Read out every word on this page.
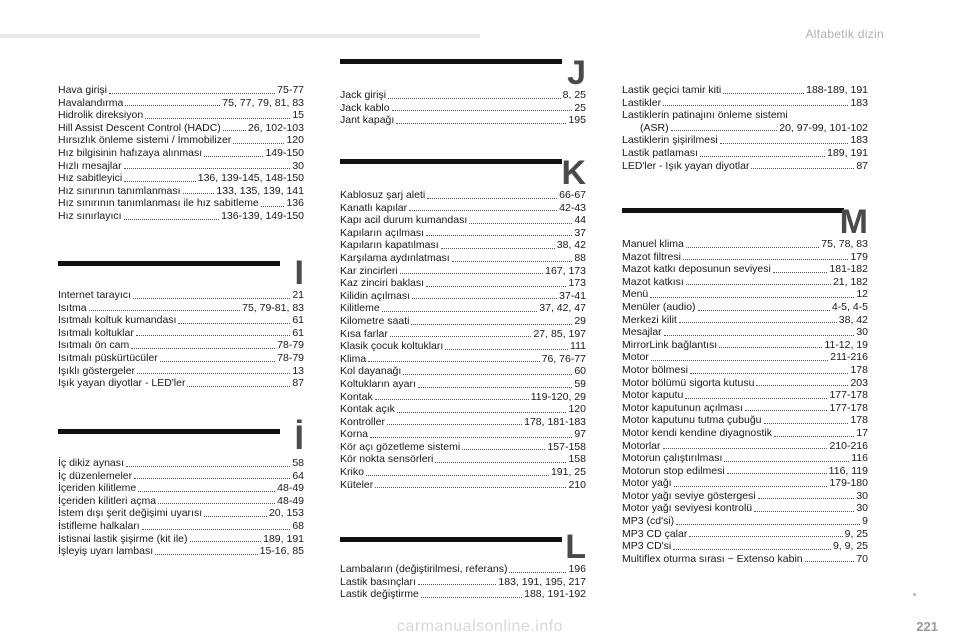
Alfabetik dizin
Hava girişi	75-77
Havalandırma	75, 77, 79, 81, 83
Hidrolik direksiyon	15
Hill Assist Descent Control (HADC)	26, 102-103
Hırsızlık önleme sistemi / İmmobilizer	120
Hız bilgisinin hafızaya alınması	149-150
Hızlı mesajlar	30
Hız sabitleyici	136, 139-145, 148-150
Hız sınırının tanımlanması	133, 135, 139, 141
Hız sınırının tanımlanması ile hız sabitleme	136
Hız sınırlayıcı	136-139, 149-150
I
Internet tarayıcı	21
Isıtma	75, 79-81, 83
Isıtmalı koltuk kumandası	61
Isıtmalı koltuklar	61
Isıtmalı ön cam	78-79
Isıtmalı püskürtücüler	78-79
Işıklı göstergeler	13
Işık yayan diyotlar - LED'ler	87
İ
İç dikiz aynası	58
İç düzenlemeler	64
İçeriden kilitleme	48-49
İçeriden kilitleri açma	48-49
İstem dışı şerit değişimi uyarısı	20, 153
İstifleme halkaları	68
İstisnai lastik şişirme (kit ile)	189, 191
İşleyiş uyarı lambası	15-16, 85
J
Jack girişi	8, 25
Jack kablo	25
Jant kapağı	195
K
Kablosuz şarj aleti	66-67
Kanatlı kapılar	42-43
Kapı acil durum kumandası	44
Kapıların açılması	37
Kapıların kapatılması	38, 42
Karşılama aydınlatması	88
Kar zincirleri	167, 173
Kaz zinciri baklası	173
Kilidin açılması	37-41
Kilitleme	37, 42, 47
Kilometre saati	29
Kısa farlar	27, 85, 197
Klasik çocuk koltukları	111
Klima	76, 76-77
Kol dayanağı	60
Koltukların ayarı	59
Kontak	119-120, 29
Kontak açık	120
Kontroller	178, 181-183
Korna	97
Kör açı gözetleme sistemi	157-158
Kör nokta sensörleri	158
Kriko	191, 25
Küteler	210
L
Lambaların (değiştirilmesi, referans)	196
Lastik basınçları	183, 191, 195, 217
Lastik değiştirme	188, 191-192
Lastik geçici tamir kiti	188-189, 191
Lastikler	183
Lastiklerin patinajını önleme sistemi
(ASR)	20, 97-99, 101-102
Lastiklerin şişirilmesi	183
Lastik patlaması	189, 191
LED'ler - Işık yayan diyotlar	87
M
Manuel klima	75, 78, 83
Mazot filtresi	179
Mazot katkı deposunun seviyesi	181-182
Mazot katkısı	21, 182
Menü	12
Menüler (audio)	4-5, 4-5
Merkezi kilit	38, 42
Mesajlar	30
MirrorLink bağlantısı	11-12, 19
Motor	211-216
Motor bölmesi	178
Motor bölümü sigorta kutusu	203
Motor kaputu	177-178
Motor kaputunun açılması	177-178
Motor kaputunu tutma çubuğu	178
Motor kendi kendine diyagnostik	17
Motorlar	210-216
Motorun çalıştırılması	116
Motorun stop edilmesi	116, 119
Motor yağı	179-180
Motor yağı seviye göstergesi	30
Motor yağı seviyesi kontrolü	30
MP3 (cd'si)	9
MP3 CD çalar	9, 25
MP3 CD'si	9, 9, 25
Multiflex oturma sırası ~ Extenso kabin	70
221
carmanualsonline.info
